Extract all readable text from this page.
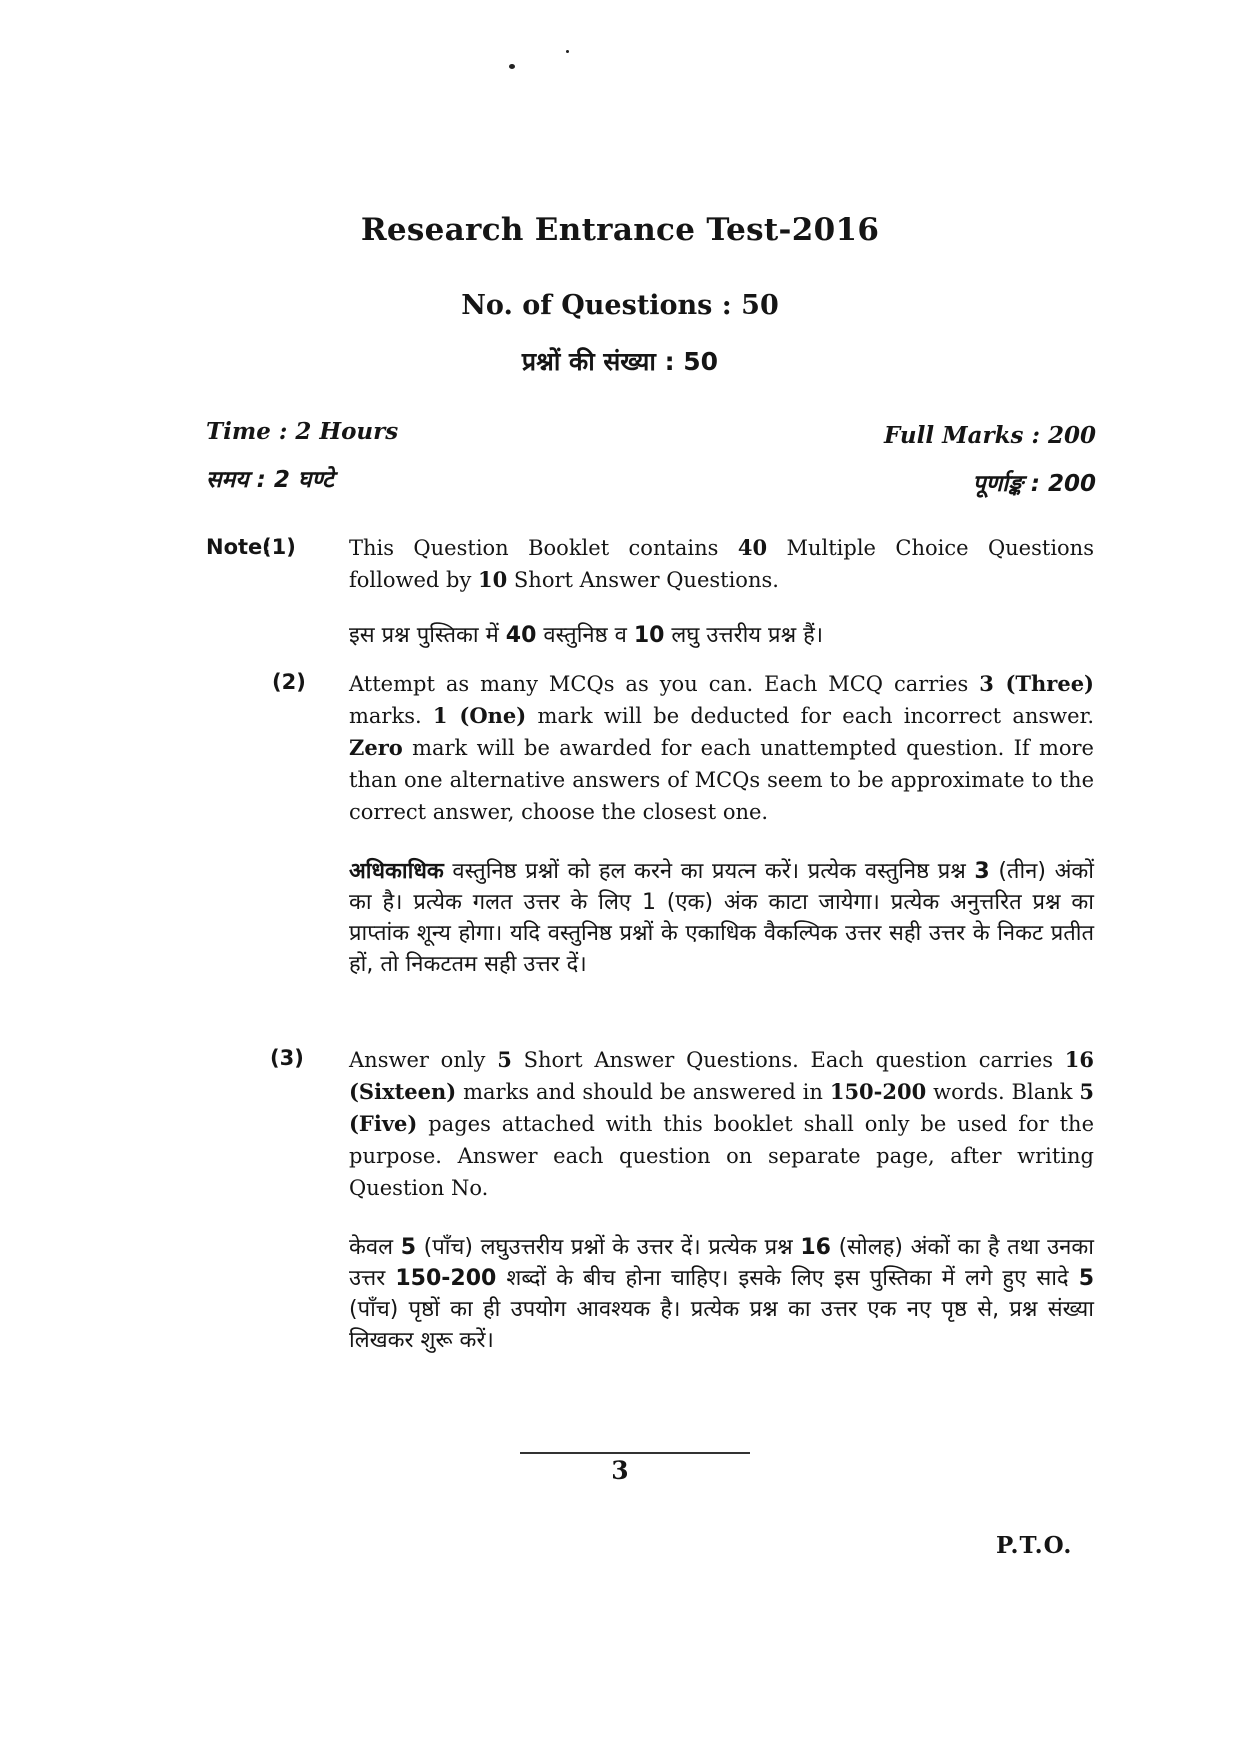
Research Entrance Test-2016
No. of Questions : 50
प्रश्नों की संख्या : 50
Time : 2 Hours
समय : 2 घण्टे
Full Marks : 200
पूर्णाङ्क : 200
Note:
(1)	This Question Booklet contains 40 Multiple Choice Questions followed by 10 Short Answer Questions.
इस प्रश्न पुस्तिका में 40 वस्तुनिष्ठ व 10 लघु उत्तरीय प्रश्न हैं।
(2) Attempt as many MCQs as you can. Each MCQ carries 3 (Three) marks. 1 (One) mark will be deducted for each incorrect answer. Zero mark will be awarded for each unattempted question. If more than one alternative answers of MCQs seem to be approximate to the correct answer, choose the closest one.
अधिकाधिक वस्तुनिष्ठ प्रश्नों को हल करने का प्रयत्न करें। प्रत्येक वस्तुनिष्ठ प्रश्न 3 (तीन) अंकों का है। प्रत्येक गलत उत्तर के लिए 1 (एक) अंक काटा जायेगा। प्रत्येक अनुत्तरित प्रश्न का प्राप्तांक शून्य होगा। यदि वस्तुनिष्ठ प्रश्नों के एकाधिक वैकल्पिक उत्तर सही उत्तर के निकट प्रतीत हों, तो निकटतम सही उत्तर दें।
(3) Answer only 5 Short Answer Questions. Each question carries 16 (Sixteen) marks and should be answered in 150-200 words. Blank 5 (Five) pages attached with this booklet shall only be used for the purpose. Answer each question on separate page, after writing Question No.
केवल 5 (पाँच) लघुउत्तरीय प्रश्नों के उत्तर दें। प्रत्येक प्रश्न 16 (सोलह) अंकों का है तथा उनका उत्तर 150-200 शब्दों के बीच होना चाहिए। इसके लिए इस पुस्तिका में लगे हुए सादे 5 (पाँच) पृष्ठों का ही उपयोग आवश्यक है। प्रत्येक प्रश्न का उत्तर एक नए पृष्ठ से, प्रश्न संख्या लिखकर शुरू करें।
3
P.T.O.
